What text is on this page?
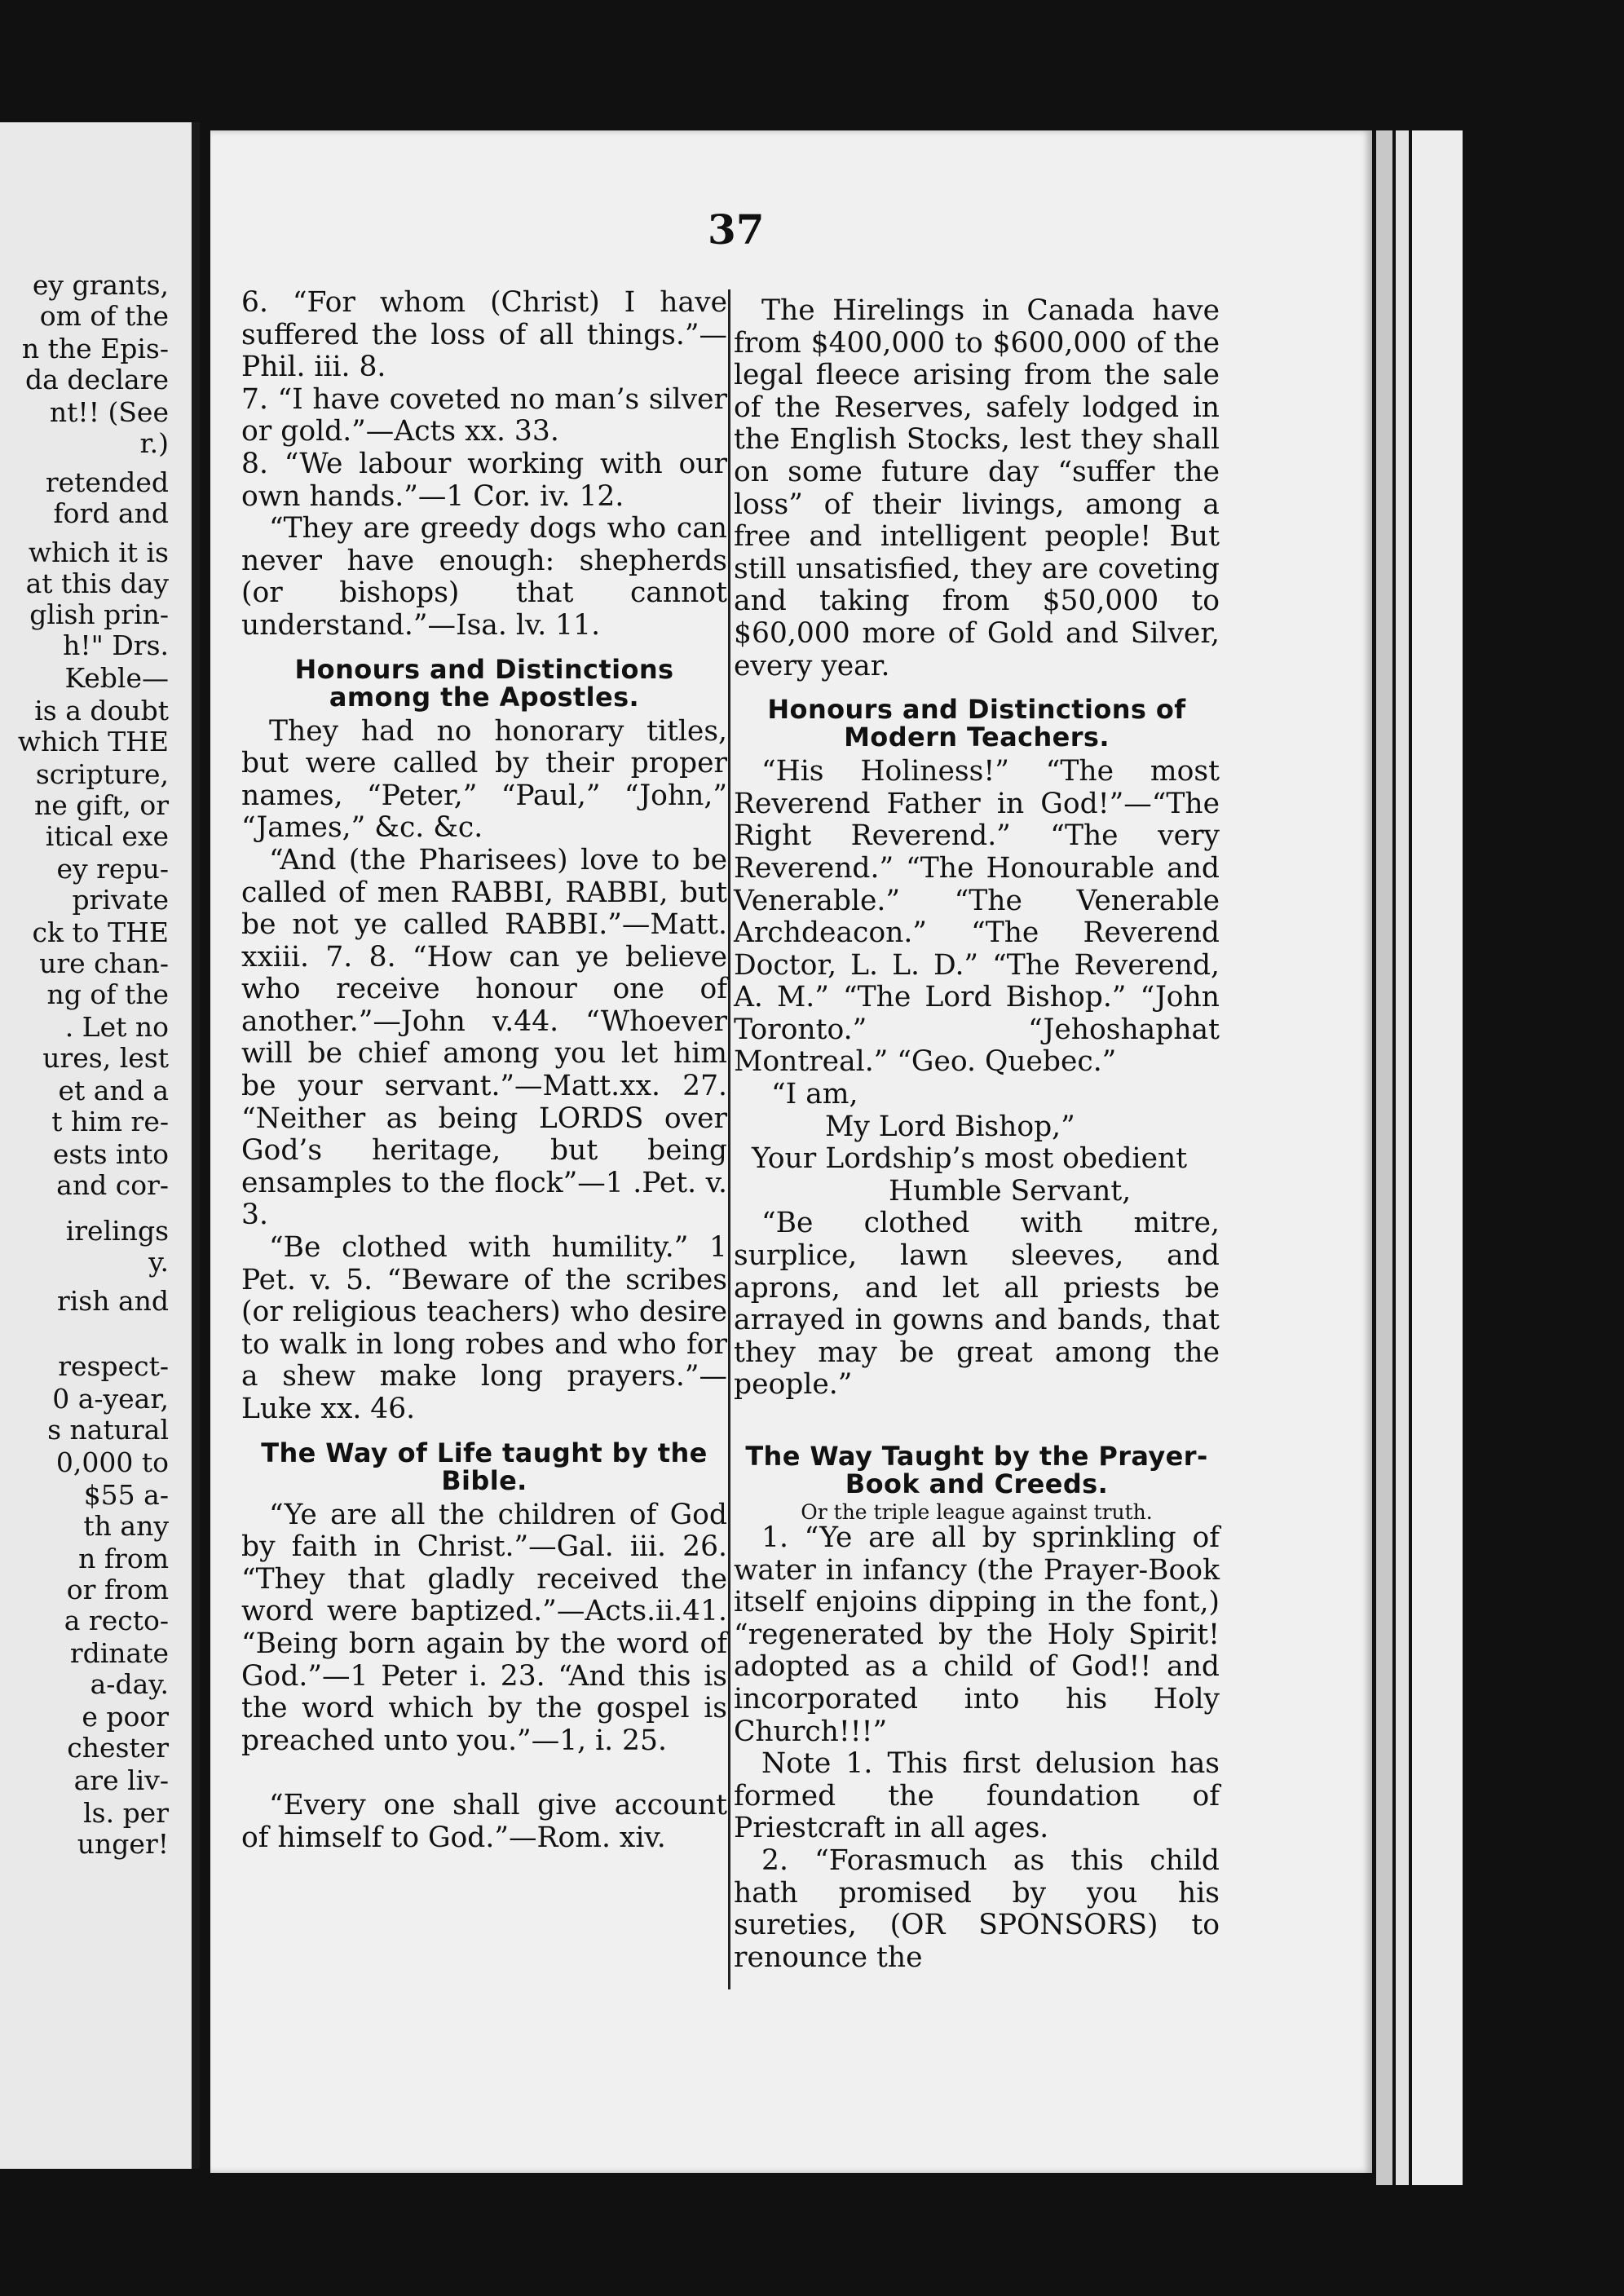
ey grants,
om of the
n the Epis-
da declare
nt!! (See
r.)
retended
ford and
which it is
at this day
glish prin-
h!" Drs.
Keble—
is a doubt
which THE
scripture,
ne gift, or
itical exe
ey repu-
private
ck to THE
ure chan-
ng of the
. Let no
ures, lest
et and a
t him re-
ests into
and cor-
irelings
y.
rish and
respect-
0 a-year,
s natural
0,000 to
$55 a-
th any
n from
or from
a recto-
rdinate
a-day.
e poor
chester
are liv-
ls. per
unger!
37

6. “For whom (Christ) I have suffered the loss of all things.”—Phil. iii. 8.

7. “I have coveted no man’s silver or gold.”—Acts xx. 33.

8. “We labour working with our own hands.”—1 Cor. iv. 12.

“They are greedy dogs who can never have enough: shepherds (or bishops) that cannot understand.”—Isa. lv. 11.

Honours and Distinctions among the Apostles.

They had no honorary titles, but were called by their proper names, “Peter,” “Paul,” “John,” “James,” &c. &c.

“And (the Pharisees) love to be called of men RABBI, RABBI, but be not ye called RABBI.”—Matt. xxiii. 7. 8. “How can ye believe who receive honour one of another.”—John v.44. “Whoever will be chief among you let him be your servant.”—Matt.xx. 27. “Neither as being LORDS over God’s heritage, but being ensamples to the flock”—1 .Pet. v. 3.

“Be clothed with humility.” 1 Pet. v. 5. “Beware of the scribes (or religious teachers) who desire to walk in long robes and who for a shew make long prayers.”—Luke xx. 46.

The Way of Life taught by the Bible.

“Ye are all the children of God by faith in Christ.”—Gal. iii. 26. “They that gladly received the word were baptized.”—Acts.ii.41. “Being born again by the word of God.”—1 Peter i. 23. “And this is the word which by the gospel is preached unto you.”—1, i. 25.

“Every one shall give account of himself to God.”—Rom. xiv.

The Hirelings in Canada have from $400,000 to $600,000 of the legal fleece arising from the sale of the Reserves, safely lodged in the English Stocks, lest they shall on some future day “suffer the loss” of their livings, among a free and intelligent people! But still unsatisfied, they are coveting and taking from $50,000 to $60,000 more of Gold and Silver, every year.

Honours and Distinctions of Modern Teachers.

“His Holiness!” “The most Reverend Father in God!”—“The Right Reverend.” “The very Reverend.” “The Honourable and Venerable.” “The Venerable Archdeacon.” “The Reverend Doctor, L. L. D.” “The Reverend, A. M.” “The Lord Bishop.” “John Toronto.” “Jehoshaphat Montreal.” “Geo. Quebec.”

“I am,

My Lord Bishop,”

Your Lordship’s most obedient

Humble Servant,

“Be clothed with mitre, surplice, lawn sleeves, and aprons, and let all priests be arrayed in gowns and bands, that they may be great among the people.”

The Way Taught by the Prayer-Book and Creeds.

Or the triple league against truth.

1. “Ye are all by sprinkling of water in infancy (the Prayer-Book itself enjoins dipping in the font,) “regenerated by the Holy Spirit! adopted as a child of God!! and incorporated into his Holy Church!!!”

Note 1. This first delusion has formed the foundation of Priestcraft in all ages.

2. “Forasmuch as this child hath promised by you his sureties, (OR SPONSORS) to renounce the
